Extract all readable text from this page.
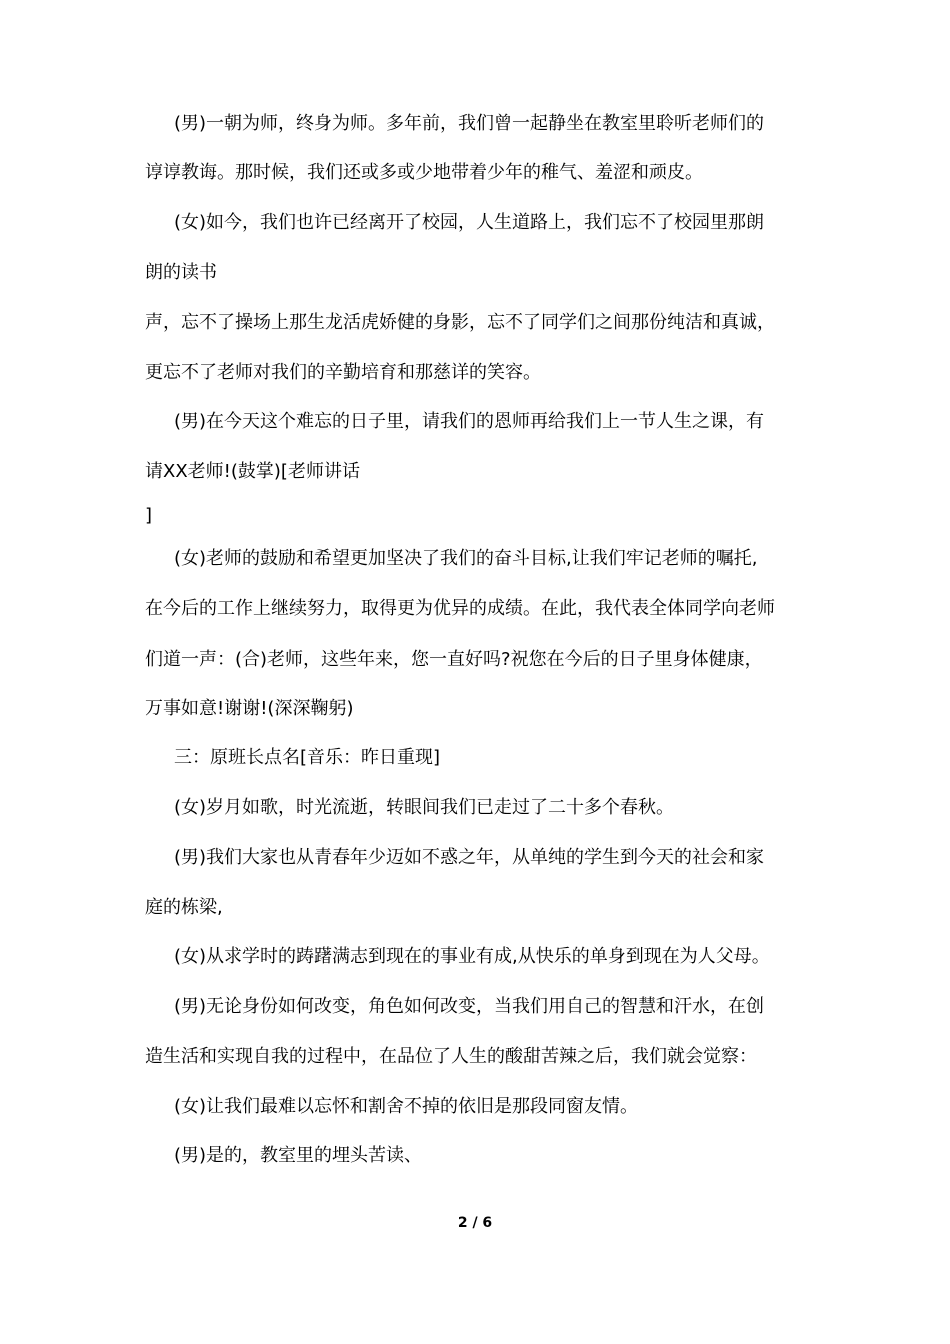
(男)一朝为师，终身为师。多年前，我们曾一起静坐在教室里聆听老师们的
谆谆教诲。那时候，我们还或多或少地带着少年的稚气、羞涩和顽皮。
(女)如今，我们也许已经离开了校园，人生道路上，我们忘不了校园里那朗
朗的读书
声，忘不了操场上那生龙活虎娇健的身影，忘不了同学们之间那份纯洁和真诚，
更忘不了老师对我们的辛勤培育和那慈详的笑容。
(男)在今天这个难忘的日子里，请我们的恩师再给我们上一节人生之课，有
请XX老师!(鼓掌)[老师讲话
]
(女)老师的鼓励和希望更加坚决了我们的奋斗目标,让我们牢记老师的嘱托,
在今后的工作上继续努力，取得更为优异的成绩。在此，我代表全体同学向老师
们道一声：(合)老师，这些年来，您一直好吗?祝您在今后的日子里身体健康，
万事如意!谢谢!(深深鞠躬)
三：原班长点名[音乐：昨日重现]
(女)岁月如歌，时光流逝，转眼间我们已走过了二十多个春秋。
(男)我们大家也从青春年少迈如不惑之年，从单纯的学生到今天的社会和家
庭的栋梁,
(女)从求学时的踌躇满志到现在的事业有成,从快乐的单身到现在为人父母。
(男)无论身份如何改变，角色如何改变，当我们用自己的智慧和汗水，在创
造生活和实现自我的过程中，在品位了人生的酸甜苦辣之后，我们就会觉察：
(女)让我们最难以忘怀和割舍不掉的依旧是那段同窗友情。
(男)是的，教室里的埋头苦读、
2 / 6
